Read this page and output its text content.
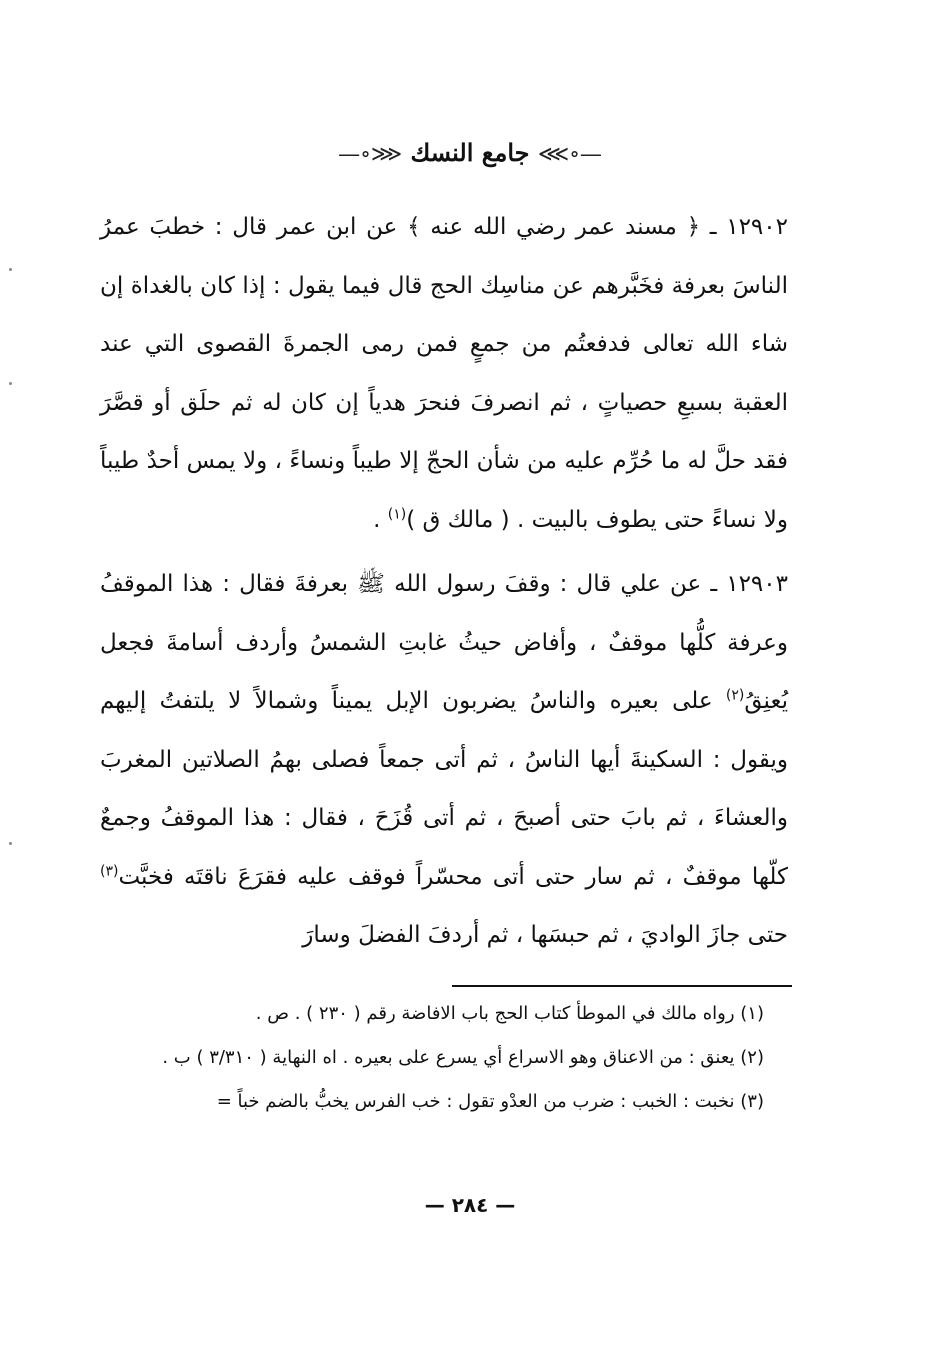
—∘⋙ جامع النسك ⋘∘—

١٢٩٠٢ ـ ﴿ مسند عمر رضي الله عنه ﴾ عن ابن عمر قال : خطبَ عمرُ الناسَ بعرفة فخَبَّرهم عن مناسِك الحج قال فيما يقول : إذا كان بالغداة إن شاء الله تعالى فدفعتُم من جمعٍ فمن رمى الجمرةَ القصوى التي عند العقبة بسبعِ حصياتٍ ، ثم انصرفَ فنحرَ هدياً إن كان له ثم حلَق أو قصَّرَ فقد حلَّ له ما حُرِّم عليه من شأن الحجّ إلا طيباً ونساءً ، ولا يمس أحدٌ طيباً ولا نساءً حتى يطوف بالبيت . ( مالك ق )$^{(١)}$ .

١٢٩٠٣ ـ عن علي قال : وقفَ رسول الله ﷺ بعرفةَ فقال : هذا الموقفُ وعرفة كلُّها موقفٌ ، وأفاض حيثُ غابتِ الشمسُ وأردف أسامةَ فجعل يُعنِقُ$^{(٢)}$ على بعيره والناسُ يضربون الإبل يميناً وشمالاً لا يلتفتُ إليهم ويقول : السكينةَ أيها الناسُ ، ثم أتى جمعاً فصلى بهمُ الصلاتين المغربَ والعشاءَ ، ثم بابَ حتى أصبحَ ، ثم أتى قُزَحَ ، فقال : هذا الموقفُ وجمعٌ كلّها موقفٌ ، ثم سار حتى أتى محسّراً فوقف عليه فقرَعَ ناقتَه فخبَّت$^{(٣)}$ حتى جازَ الواديَ ، ثم حبسَها ، ثم أردفَ الفضلَ وسارَ

(١) رواه مالك في الموطأ كتاب الحج باب الافاضة رقم ( ٢٣٠ ) . ص .

(٢) يعنق : من الاعناق وهو الاسراع أي يسرع على بعيره . اه النهاية ( ٣/٣١٠ ) ب .

(٣) نخبت : الخبب : ضرب من العدْو تقول : خب الفرس يخبُّ بالضم خباً =

— ٢٨٤ —
